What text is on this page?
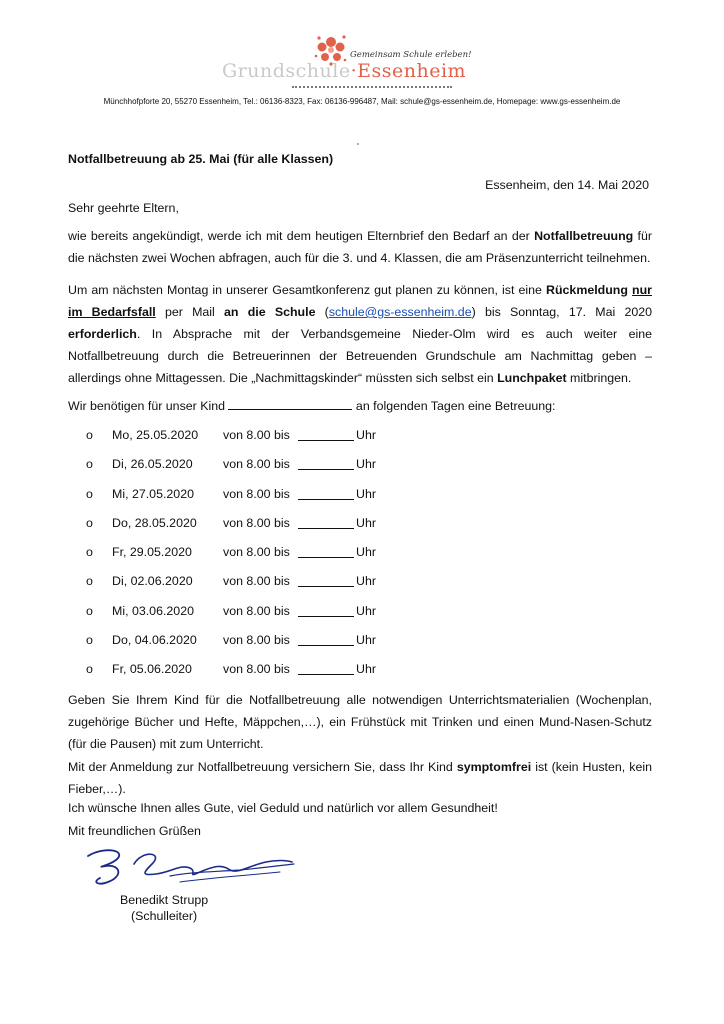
Gemeinsam Schule erleben!
Grundschule·Essenheim
Münchhofpforte 20, 55270 Essenheim, Tel.: 06136-8323, Fax: 06136-996487, Mail: schule@gs-essenheim.de, Homepage: www.gs-essenheim.de
Notfallbetreuung ab 25. Mai (für alle Klassen)
Essenheim, den 14. Mai 2020
Sehr geehrte Eltern,
wie bereits angekündigt, werde ich mit dem heutigen Elternbrief den Bedarf an der Notfallbetreuung für die nächsten zwei Wochen abfragen, auch für die 3. und 4. Klassen, die am Präsenzunterricht teilnehmen.
Um am nächsten Montag in unserer Gesamtkonferenz gut planen zu können, ist eine Rückmeldung nur im Bedarfsfall per Mail an die Schule (schule@gs-essenheim.de) bis Sonntag, 17. Mai 2020 erforderlich. In Absprache mit der Verbandsgemeine Nieder-Olm wird es auch weiter eine Notfallbetreuung durch die Betreuerinnen der Betreuenden Grundschule am Nachmittag geben – allerdings ohne Mittagessen. Die „Nachmittagskinder“ müssten sich selbst ein Lunchpaket mitbringen.
Wir benötigen für unser Kind	an folgenden Tagen eine Betreuung:
o Mo, 25.05.2020 von 8.00 bis	Uhr
o Di, 26.05.2020 von 8.00 bis	Uhr
o Mi, 27.05.2020 von 8.00 bis	Uhr
o Do, 28.05.2020 von 8.00 bis	Uhr
o Fr, 29.05.2020	von 8.00 bis	Uhr
o Di, 02.06.2020 von 8.00 bis	Uhr
o Mi, 03.06.2020 von 8.00 bis	Uhr
o Do, 04.06.2020 von 8.00 bis	Uhr
o Fr, 05.06.2020	von 8.00 bis	Uhr
Geben Sie Ihrem Kind für die Notfallbetreuung alle notwendigen Unterrichtsmaterialien (Wochenplan, zugehörige Bücher und Hefte, Mäppchen,…), ein Frühstück mit Trinken und einen Mund-Nasen-Schutz (für die Pausen) mit zum Unterricht.
Mit der Anmeldung zur Notfallbetreuung versichern Sie, dass Ihr Kind symptomfrei ist (kein Husten, kein Fieber,…).
Ich wünsche Ihnen alles Gute, viel Geduld und natürlich vor allem Gesundheit!
Mit freundlichen Grüßen
Benedikt Strupp
(Schulleiter)
